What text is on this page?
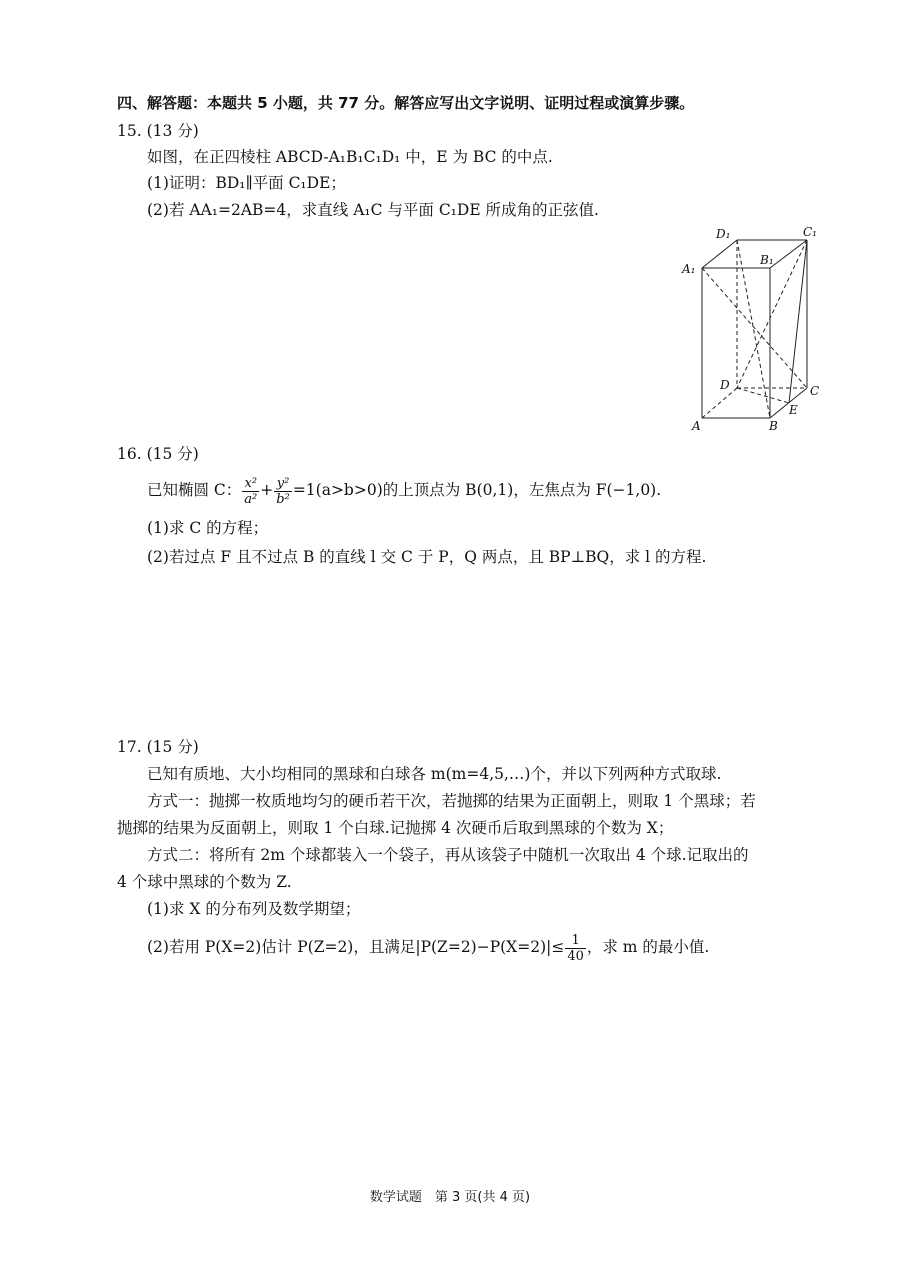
四、解答题：本题共 5 小题，共 77 分。解答应写出文字说明、证明过程或演算步骤。
15. (13 分)
如图，在正四棱柱 ABCD-A₁B₁C₁D₁ 中，E 为 BC 的中点.
(1)证明：BD₁∥平面 C₁DE；
(2)若 AA₁=2AB=4，求直线 A₁C 与平面 C₁DE 所成角的正弦值.
D₁	C₁
A₁
B₁
D	C
E
A	B
16. (15 分)
已知椭圆 C： $\frac{\text{x²}}{\text{a²}} + \frac{\text{y²}}{\text{b²}} =1(a>b>0)$的上顶点为 B(0,1)，左焦点为 F(−1,0).
(1)求 C 的方程；
(2)若过点 F 且不过点 B 的直线 l 交 C 于 P，Q 两点，且 BP⊥BQ，求 l 的方程.
17. (15 分)
已知有质地、大小均相同的黑球和白球各 m(m=4,5,…)个，并以下列两种方式取球.
方式一：抛掷一枚质地均匀的硬币若干次，若抛掷的结果为正面朝上，则取 1 个黑球；若
抛掷的结果为反面朝上，则取 1 个白球.记抛掷 4 次硬币后取到黑球的个数为 X；
方式二：将所有 2m 个球都装入一个袋子，再从该袋子中随机一次取出 4 个球.记取出的
4 个球中黑球的个数为 Z.
(1)求 X 的分布列及数学期望；
(2)若用 P(X=2)估计 P(Z=2)，且满足$|P(Z=2)-P(X=2)|\le \frac{1}{40}$ ，求 m 的最小值.
数学试题　第 3 页(共 4 页)
